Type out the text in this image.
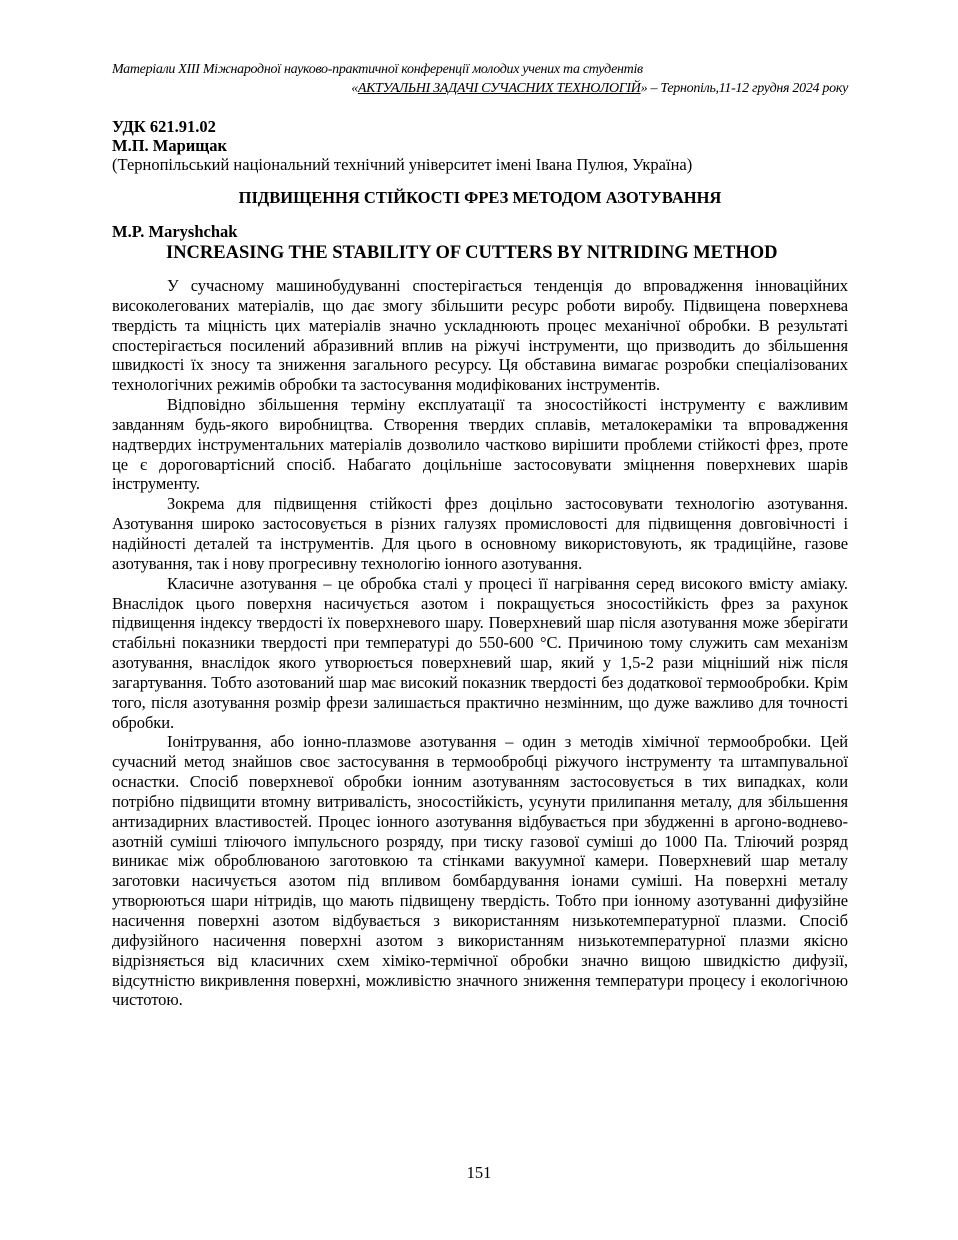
Матеріали XIII Міжнародної науково-практичної конференції молодих учених та студентів
«АКТУАЛЬНІ ЗАДАЧІ СУЧАСНИХ ТЕХНОЛОГІЙ» – Тернопіль,11-12 грудня 2024 року
УДК 621.91.02
М.П. Марищак
(Тернопільський національний технічний університет імені Івана Пулюя, Україна)
ПІДВИЩЕННЯ СТІЙКОСТІ ФРЕЗ МЕТОДОМ АЗОТУВАННЯ
M.P. Maryshchak
INCREASING THE STABILITY OF CUTTERS BY NITRIDING METHOD

У сучасному машинобудуванні спостерігається тенденція до впровадження інноваційних високолегованих матеріалів, що дає змогу збільшити ресурс роботи виробу. Підвищена поверхнева твердість та міцність цих матеріалів значно ускладнюють процес механічної обробки. В результаті спостерігається посилений абразивний вплив на ріжучі інструменти, що призводить до збільшення швидкості їх зносу та зниження загального ресурсу. Ця обставина вимагає розробки спеціалізованих технологічних режимів обробки та застосування модифікованих інструментів.

Відповідно збільшення терміну експлуатації та зносостійкості інструменту є важливим завданням будь-якого виробництва. Створення твердих сплавів, металокераміки та впровадження надтвердих інструментальних матеріалів дозволило частково вирішити проблеми стійкості фрез, проте це є дороговартісний спосіб. Набагато доцільніше застосовувати зміцнення поверхневих шарів інструменту.

Зокрема для підвищення стійкості фрез доцільно застосовувати технологію азотування. Азотування широко застосовується в різних галузях промисловості для підвищення довговічності і надійності деталей та інструментів. Для цього в основному використовують, як традиційне, газове азотування, так і нову прогресивну технологію іонного азотування.

Класичне азотування – це обробка сталі у процесі її нагрівання серед високого вмісту аміаку. Внаслідок цього поверхня насичується азотом і покращується зносостійкість фрез за рахунок підвищення індексу твердості їх поверхневого шару. Поверхневий шар після азотування може зберігати стабільні показники твердості при температурі до 550-600 °С. Причиною тому служить сам механізм азотування, внаслідок якого утворюється поверхневий шар, який у 1,5-2 рази міцніший ніж після загартування. Тобто азотований шар має високий показник твердості без додаткової термообробки. Крім того, після азотування розмір фрези залишається практично незмінним, що дуже важливо для точності обробки.

Іонітрування, або іонно-плазмове азотування – один з методів хімічної термообробки. Цей сучасний метод знайшов своє застосування в термообробці ріжучого інструменту та штампувальної оснастки. Спосіб поверхневої обробки іонним азотуванням застосовується в тих випадках, коли потрібно підвищити втомну витривалість, зносостійкість, усунути прилипання металу, для збільшення антизадирних властивостей. Процес іонного азотування відбувається при збудженні в аргоно-воднево-азотній суміші тліючого імпульсного розряду, при тиску газової суміші до 1000 Па. Тліючий розряд виникає між оброблюваною заготовкою та стінками вакуумної камери. Поверхневий шар металу заготовки насичується азотом під впливом бомбардування іонами суміші. На поверхні металу утворюються шари нітридів, що мають підвищену твердість. Тобто при іонному азотуванні дифузійне насичення поверхні азотом відбувається з використанням низькотемпературної плазми. Спосіб дифузійного насичення поверхні азотом з використанням низькотемпературної плазми якісно відрізняється від класичних схем хіміко-термічної обробки значно вищою швидкістю дифузії, відсутністю викривлення поверхні, можливістю значного зниження температури процесу і екологічною чистотою.

151
